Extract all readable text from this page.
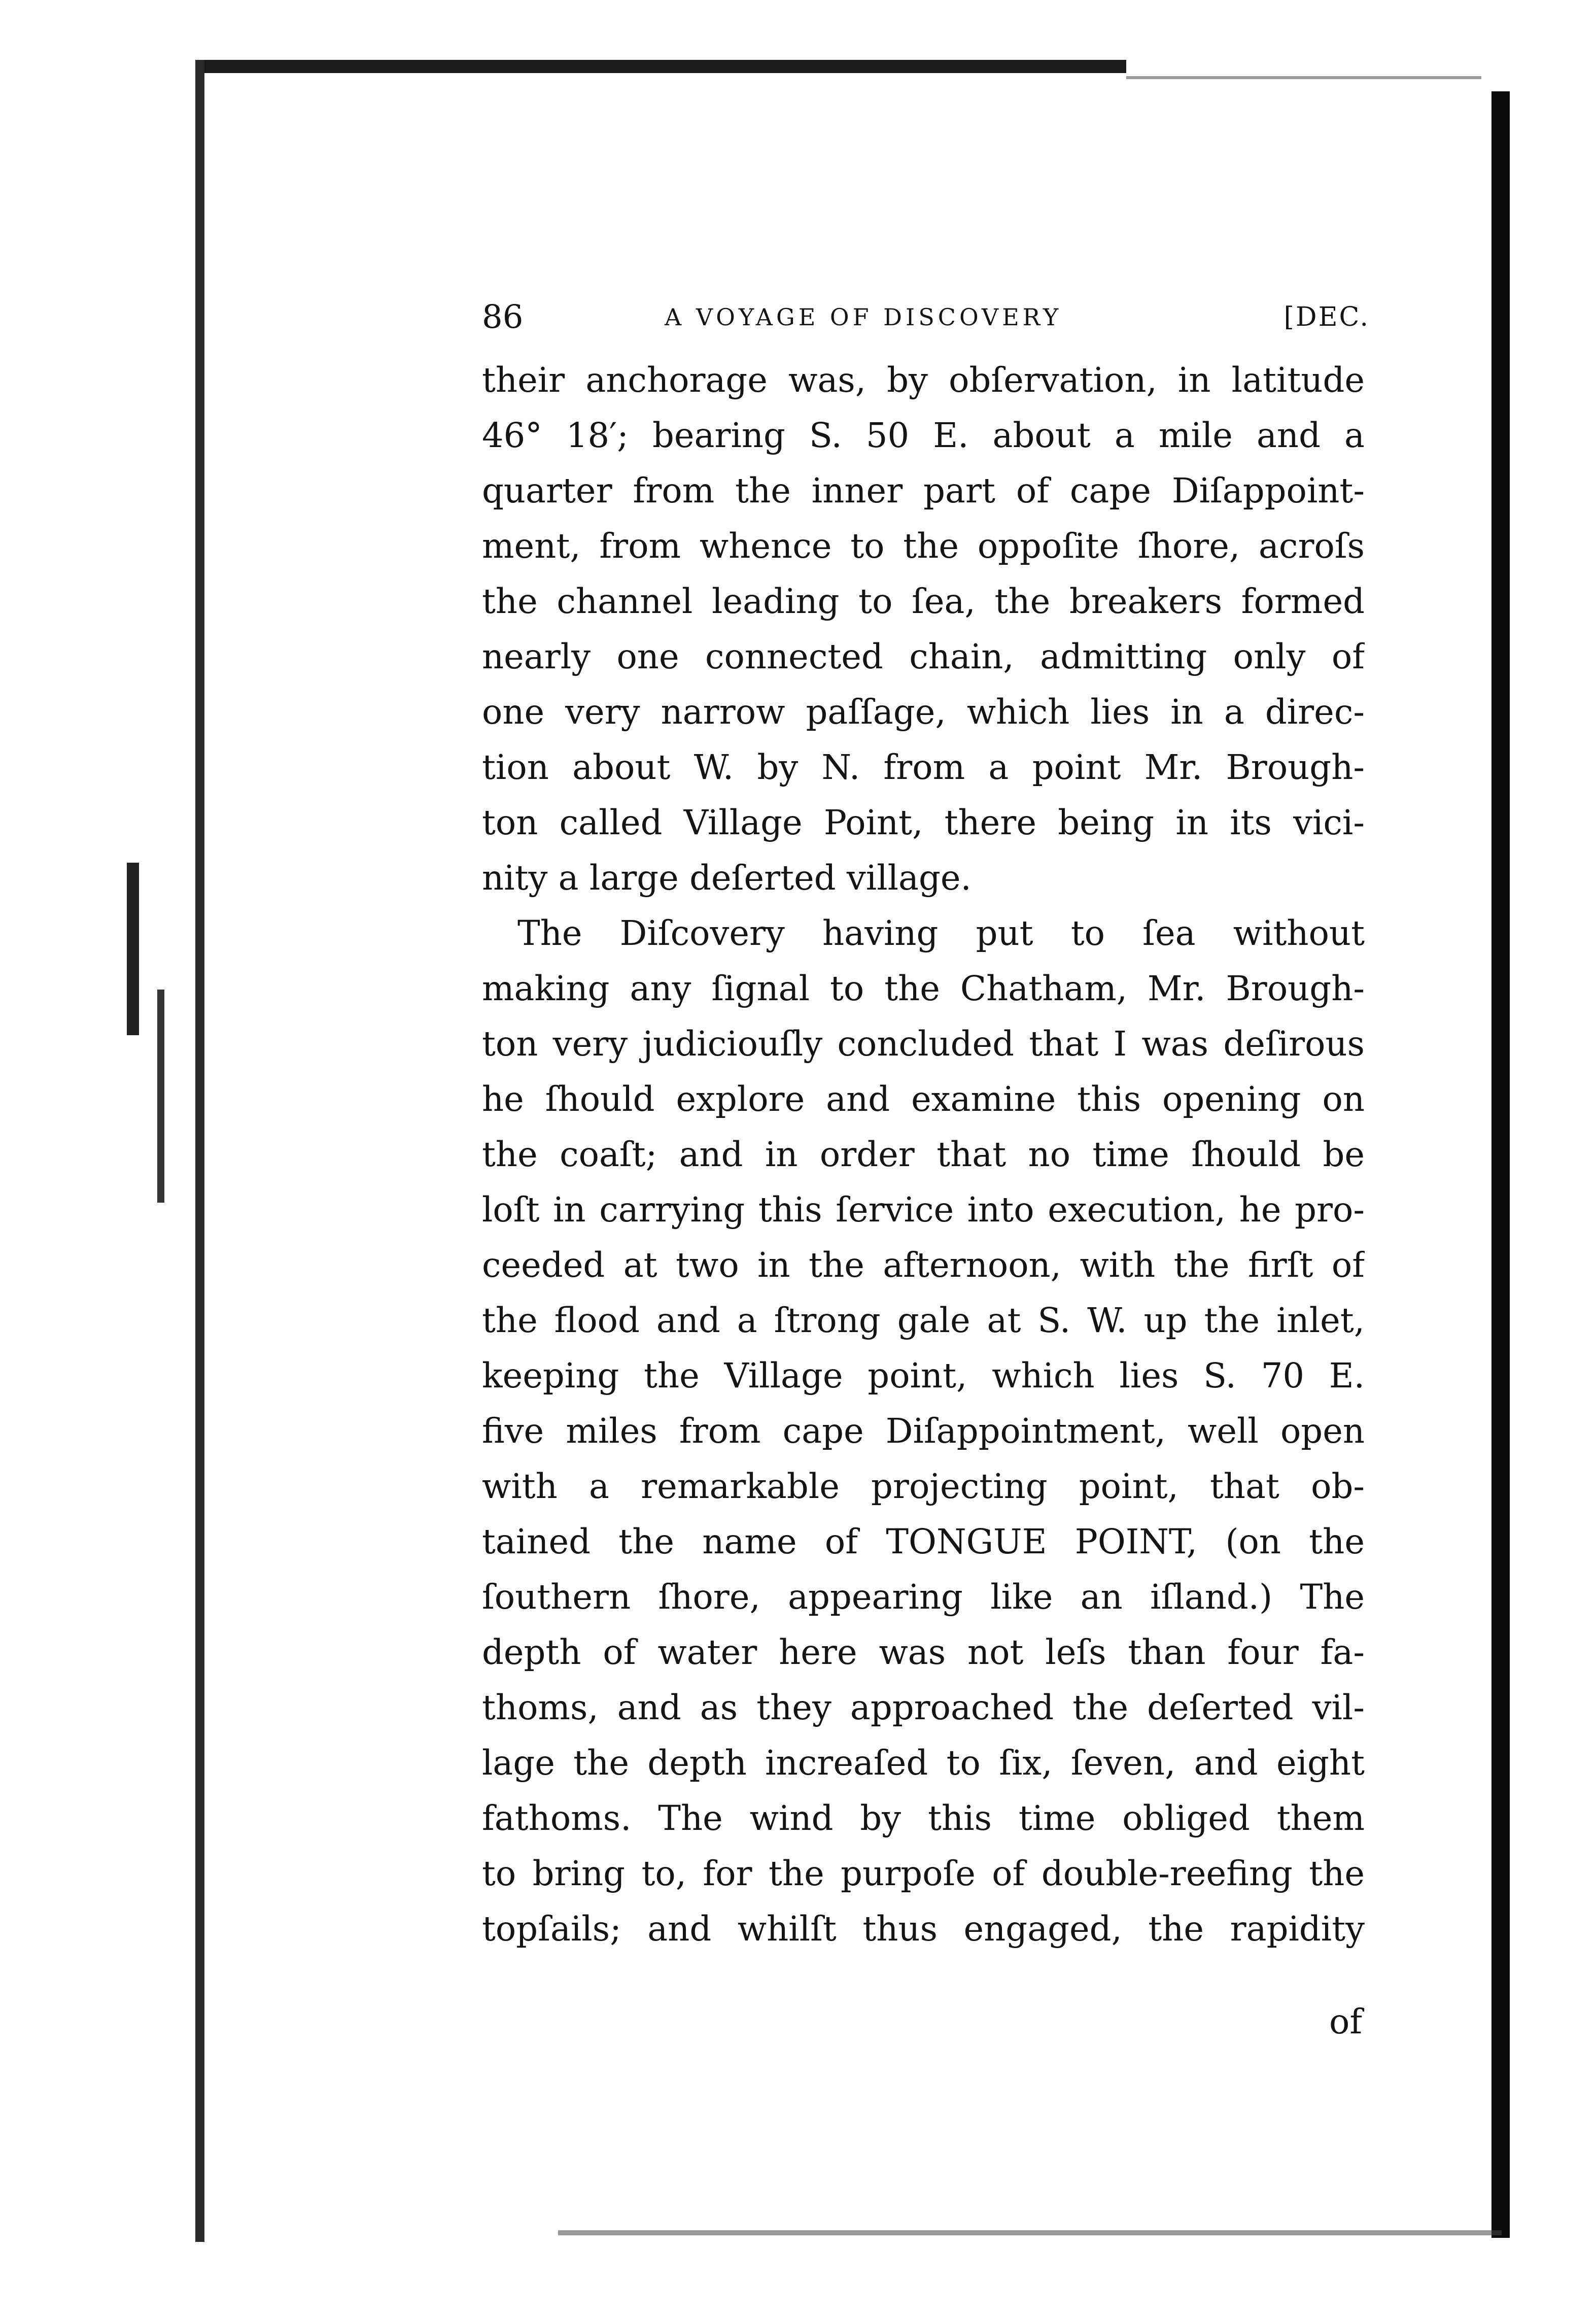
86	A VOYAGE OF DISCOVERY	[DEC.
their anchorage was, by obſervation, in latitude
46° 18′; bearing S. 50 E. about a mile and a
quarter from the inner part of cape Diſappoint-
ment, from whence to the oppoſite ſhore, acroſs
the channel leading to ſea, the breakers formed
nearly one connected chain, admitting only of
one very narrow paſſage, which lies in a direc-
tion about W. by N. from a point Mr. Brough-
ton called Village Point, there being in its vici-
nity a large deſerted village.
The Diſcovery having put to ſea without
making any ſignal to the Chatham, Mr. Brough-
ton very judiciouſly concluded that I was deſirous
he ſhould explore and examine this opening on
the coaſt; and in order that no time ſhould be
loſt in carrying this ſervice into execution, he pro-
ceeded at two in the afternoon, with the firſt of
the flood and a ſtrong gale at S. W. up the inlet,
keeping the Village point, which lies S. 70 E.
five miles from cape Diſappointment, well open
with a remarkable projecting point, that ob-
tained the name of TONGUE POINT, (on the
ſouthern ſhore, appearing like an iſland.) The
depth of water here was not leſs than four fa-
thoms, and as they approached the deſerted vil-
lage the depth increaſed to ſix, ſeven, and eight
fathoms. The wind by this time obliged them
to bring to, for the purpoſe of double-reefing the
topſails; and whilſt thus engaged, the rapidity
of
